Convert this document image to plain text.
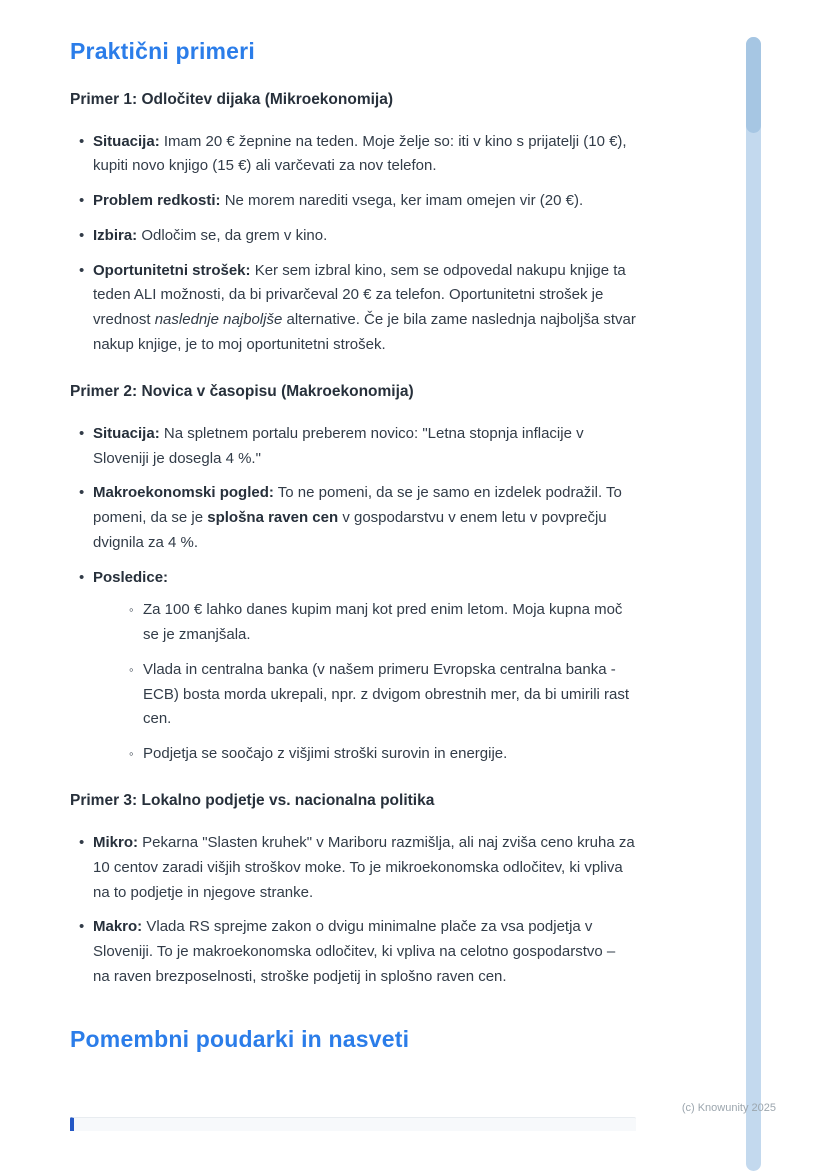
Praktični primeri
Primer 1: Odločitev dijaka (Mikroekonomija)
• Situacija: Imam 20 € žepnine na teden. Moje želje so: iti v kino s prijatelji (10 €), kupiti novo knjigo (15 €) ali varčevati za nov telefon.
• Problem redkosti: Ne morem narediti vsega, ker imam omejen vir (20 €).
• Izbira: Odločim se, da grem v kino.
• Oportunitetni strošek: Ker sem izbral kino, sem se odpovedal nakupu knjige ta teden ALI možnosti, da bi privarčeval 20 € za telefon. Oportunitetni strošek je vrednost naslednje najboljše alternative. Če je bila zame naslednja najboljša stvar nakup knjige, je to moj oportunitetni strošek.
Primer 2: Novica v časopisu (Makroekonomija)
• Situacija: Na spletnem portalu preberem novico: "Letna stopnja inflacije v Sloveniji je dosegla 4 %."
• Makroekonomski pogled: To ne pomeni, da se je samo en izdelek podražil. To pomeni, da se je splošna raven cen v gospodarstvu v enem letu v povprečju dvignila za 4 %.
• Posledice:
◦ Za 100 € lahko danes kupim manj kot pred enim letom. Moja kupna moč se je zmanjšala.
◦ Vlada in centralna banka (v našem primeru Evropska centralna banka - ECB) bosta morda ukrepali, npr. z dvigom obrestnih mer, da bi umirili rast cen.
◦ Podjetja se soočajo z višjimi stroški surovin in energije.
Primer 3: Lokalno podjetje vs. nacionalna politika
• Mikro: Pekarna "Slasten kruhek" v Mariboru razmišlja, ali naj zviša ceno kruha za 10 centov zaradi višjih stroškov moke. To je mikroekonomska odločitev, ki vpliva na to podjetje in njegove stranke.
• Makro: Vlada RS sprejme zakon o dvigu minimalne plače za vsa podjetja v Sloveniji. To je makroekonomska odločitev, ki vpliva na celotno gospodarstvo – na raven brezposelnosti, stroške podjetij in splošno raven cen.
Pomembni poudarki in nasveti
(c) Knowunity 2025
